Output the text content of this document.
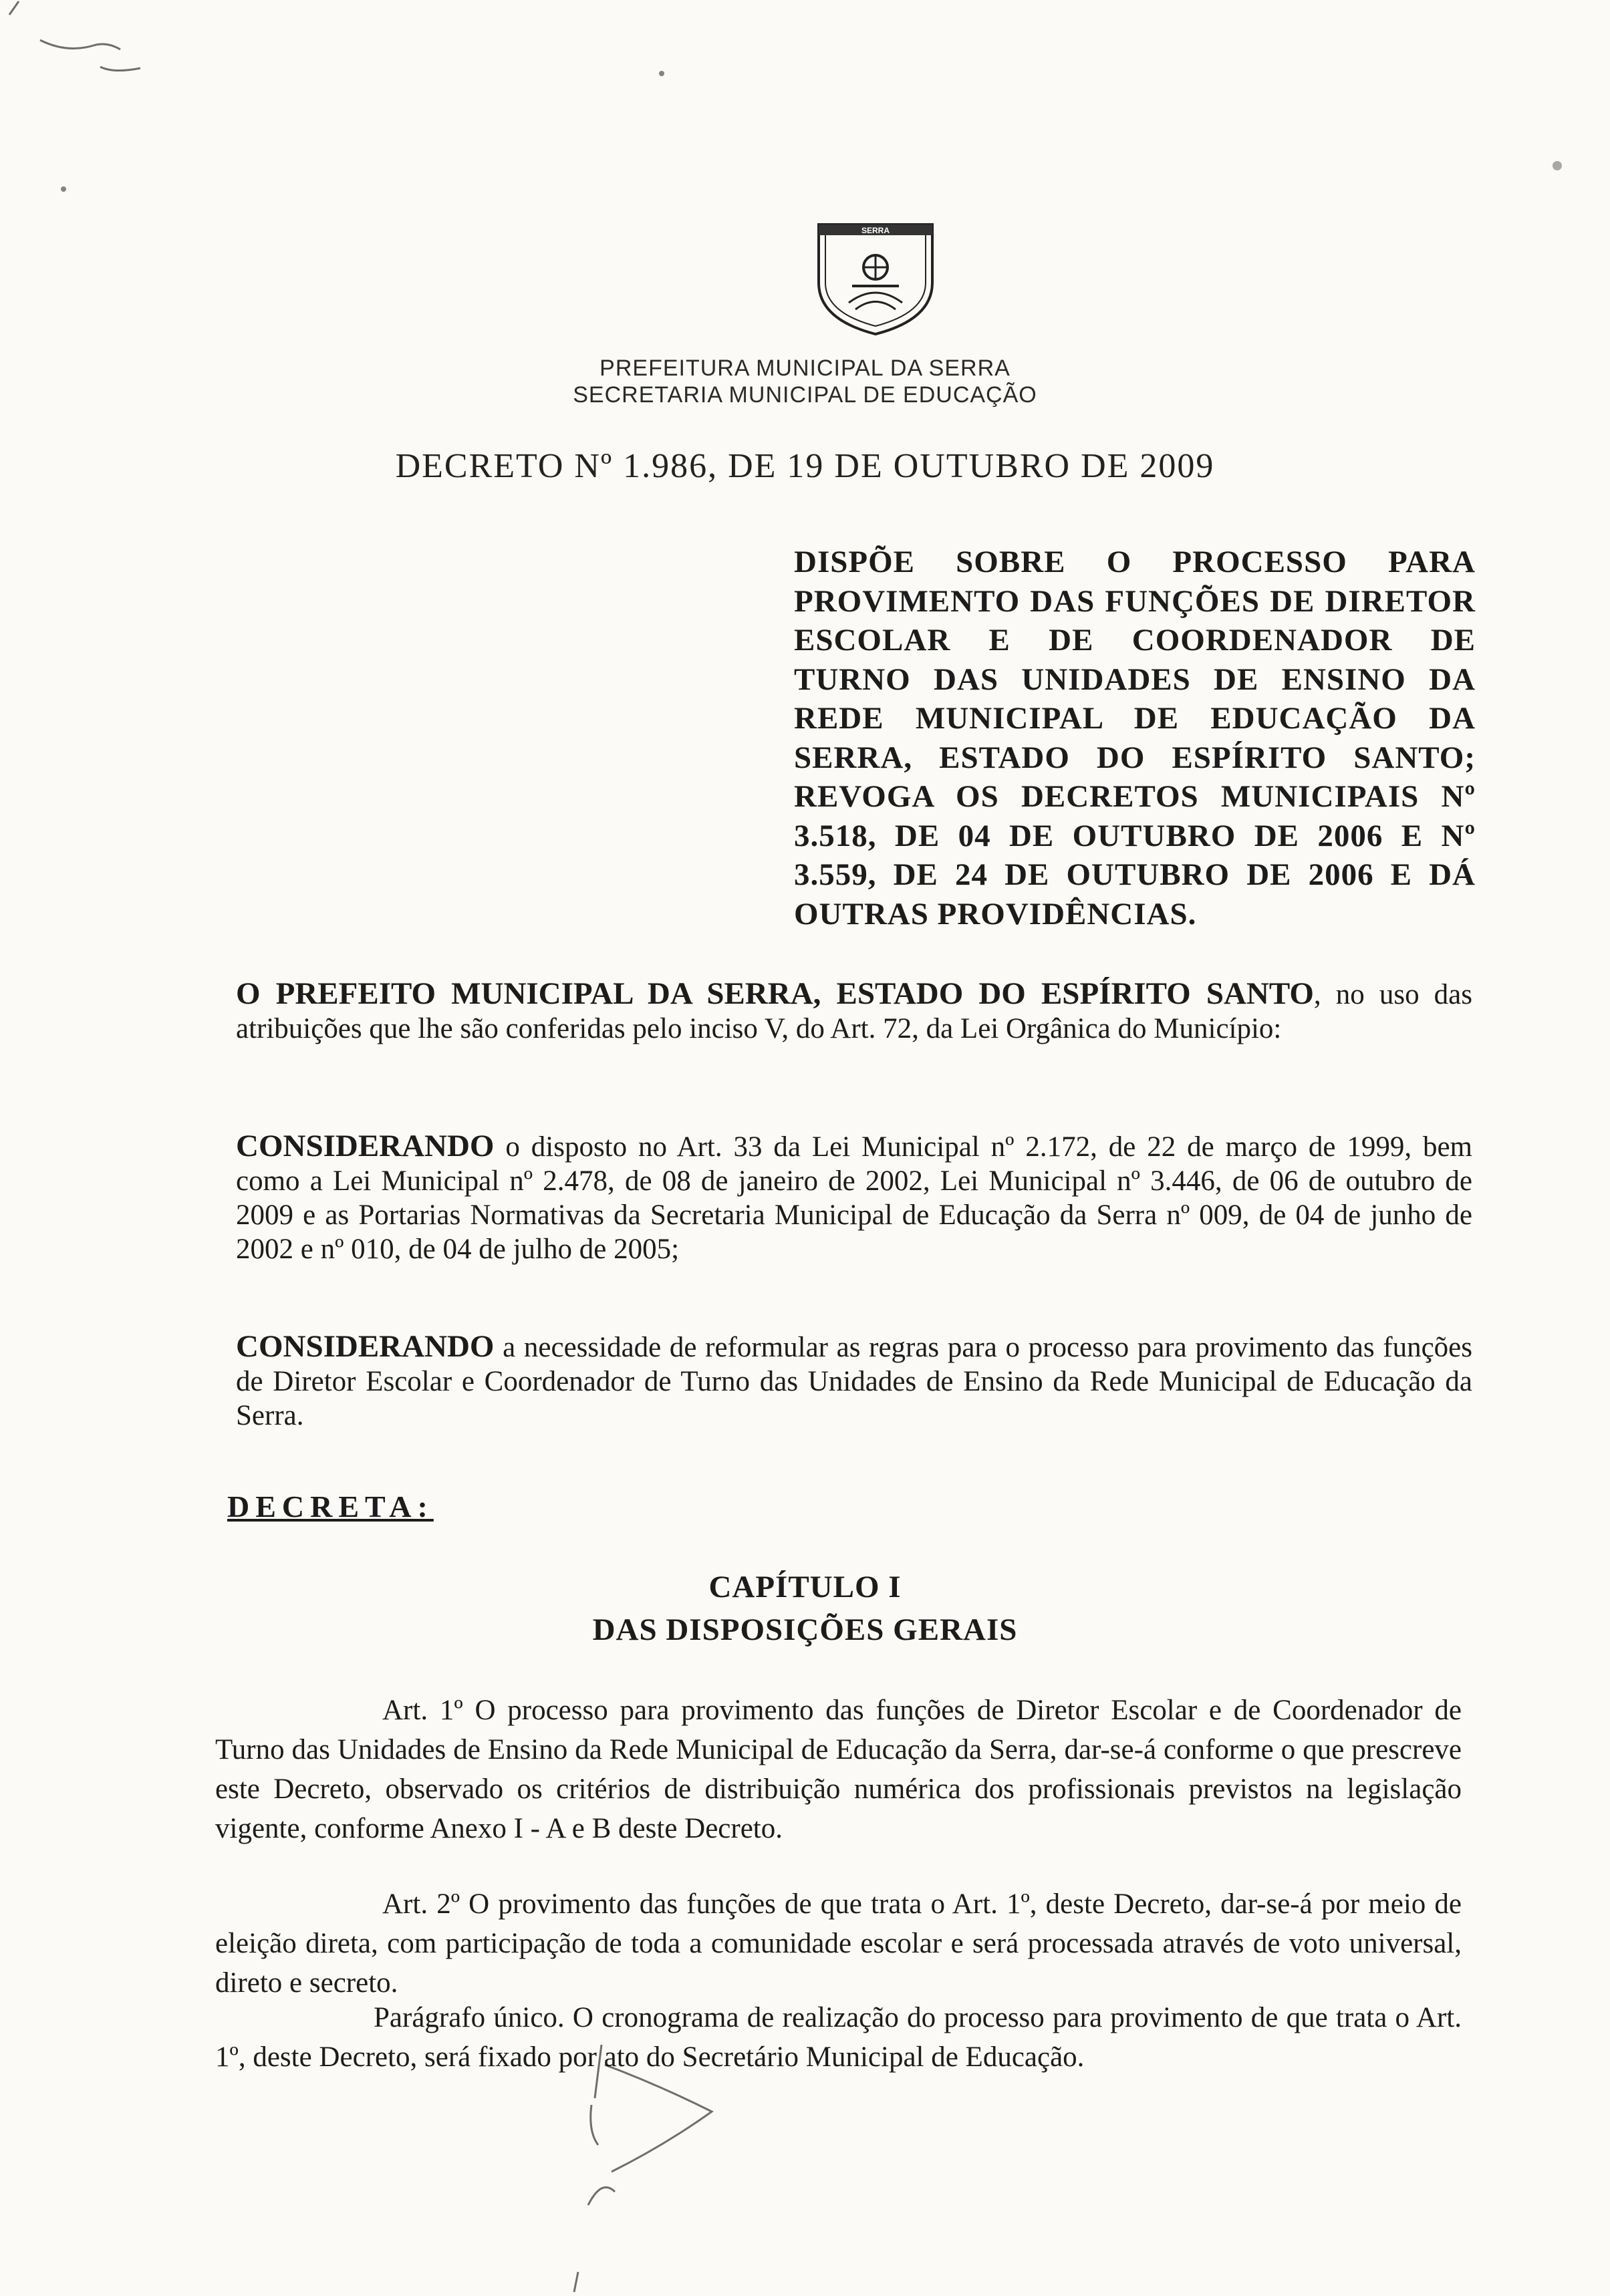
SERRA
PREFEITURA MUNICIPAL DA SERRA
SECRETARIA MUNICIPAL DE EDUCAÇÃO
DECRETO Nº 1.986, DE 19 DE OUTUBRO DE 2009
DISPÕE SOBRE O PROCESSO PARA PROVIMENTO DAS FUNÇÕES DE DIRETOR ESCOLAR E DE COORDENADOR DE TURNO DAS UNIDADES DE ENSINO DA REDE MUNICIPAL DE EDUCAÇÃO DA SERRA, ESTADO DO ESPÍRITO SANTO; REVOGA OS DECRETOS MUNICIPAIS Nº 3.518, DE 04 DE OUTUBRO DE 2006 E Nº 3.559, DE 24 DE OUTUBRO DE 2006 E DÁ OUTRAS PROVIDÊNCIAS.
O PREFEITO MUNICIPAL DA SERRA, ESTADO DO ESPÍRITO SANTO, no uso das atribuições que lhe são conferidas pelo inciso V, do Art. 72, da Lei Orgânica do Município:
CONSIDERANDO o disposto no Art. 33 da Lei Municipal nº 2.172, de 22 de março de 1999, bem como a Lei Municipal nº 2.478, de 08 de janeiro de 2002, Lei Municipal nº 3.446, de 06 de outubro de 2009 e as Portarias Normativas da Secretaria Municipal de Educação da Serra nº 009, de 04 de junho de 2002 e nº 010, de 04 de julho de 2005;
CONSIDERANDO a necessidade de reformular as regras para o processo para provimento das funções de Diretor Escolar e Coordenador de Turno das Unidades de Ensino da Rede Municipal de Educação da Serra.
DECRETA:
CAPÍTULO I
DAS DISPOSIÇÕES GERAIS
Art. 1º O processo para provimento das funções de Diretor Escolar e de Coordenador de Turno das Unidades de Ensino da Rede Municipal de Educação da Serra, dar-se-á conforme o que prescreve este Decreto, observado os critérios de distribuição numérica dos profissionais previstos na legislação vigente, conforme Anexo I - A e B deste Decreto.
Art. 2º O provimento das funções de que trata o Art. 1º, deste Decreto, dar-se-á por meio de eleição direta, com participação de toda a comunidade escolar e será processada através de voto universal, direto e secreto.
Parágrafo único. O cronograma de realização do processo para provimento de que trata o Art. 1º, deste Decreto, será fixado por ato do Secretário Municipal de Educação.
